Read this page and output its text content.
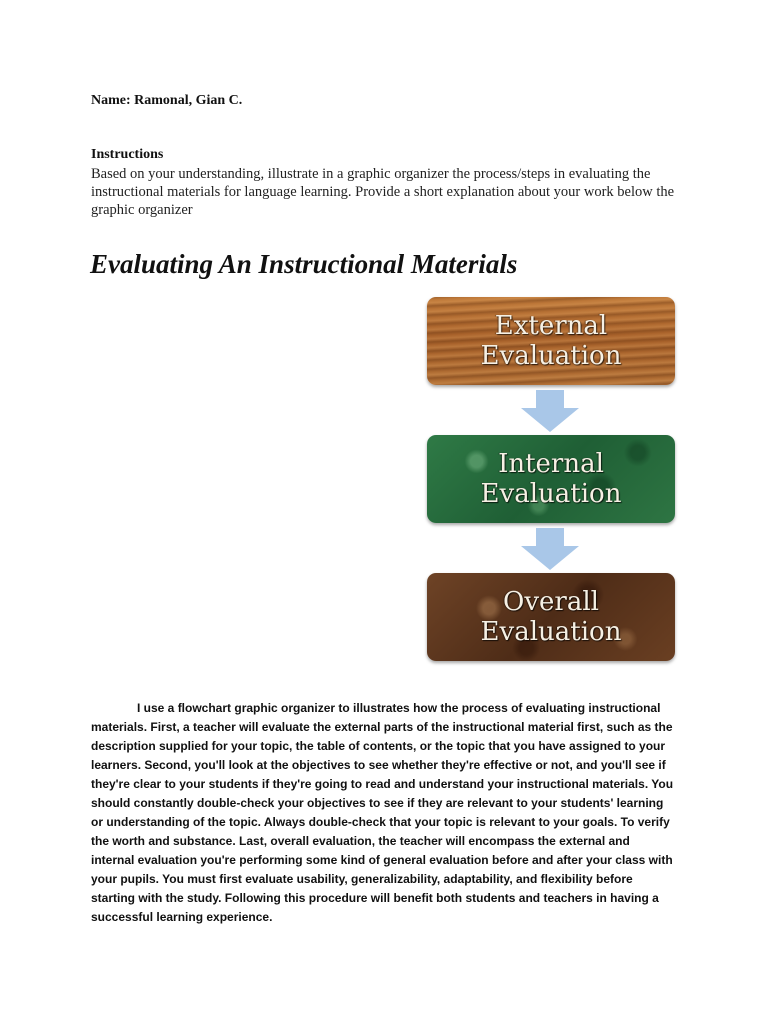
Name: Ramonal, Gian C.
Instructions
Based on your understanding, illustrate in a graphic organizer the process/steps in evaluating the instructional materials for language learning. Provide a short explanation about your work below the graphic organizer
Evaluating An Instructional Materials
External
Evaluation
Internal
Evaluation
Overall
Evaluation
I use a flowchart graphic organizer to illustrates how the process of evaluating instructional materials. First, a teacher will evaluate the external parts of the instructional material first, such as the description supplied for your topic, the table of contents, or the topic that you have assigned to your learners. Second, you'll look at the objectives to see whether they're effective or not, and you'll see if they're clear to your students if they're going to read and understand your instructional materials. You should constantly double-check your objectives to see if they are relevant to your students' learning or understanding of the topic. Always double-check that your topic is relevant to your goals. To verify the worth and substance. Last, overall evaluation, the teacher will encompass the external and internal evaluation you're performing some kind of general evaluation before and after your class with your pupils. You must first evaluate usability, generalizability, adaptability, and flexibility before starting with the study. Following this procedure will benefit both students and teachers in having a successful learning experience.
